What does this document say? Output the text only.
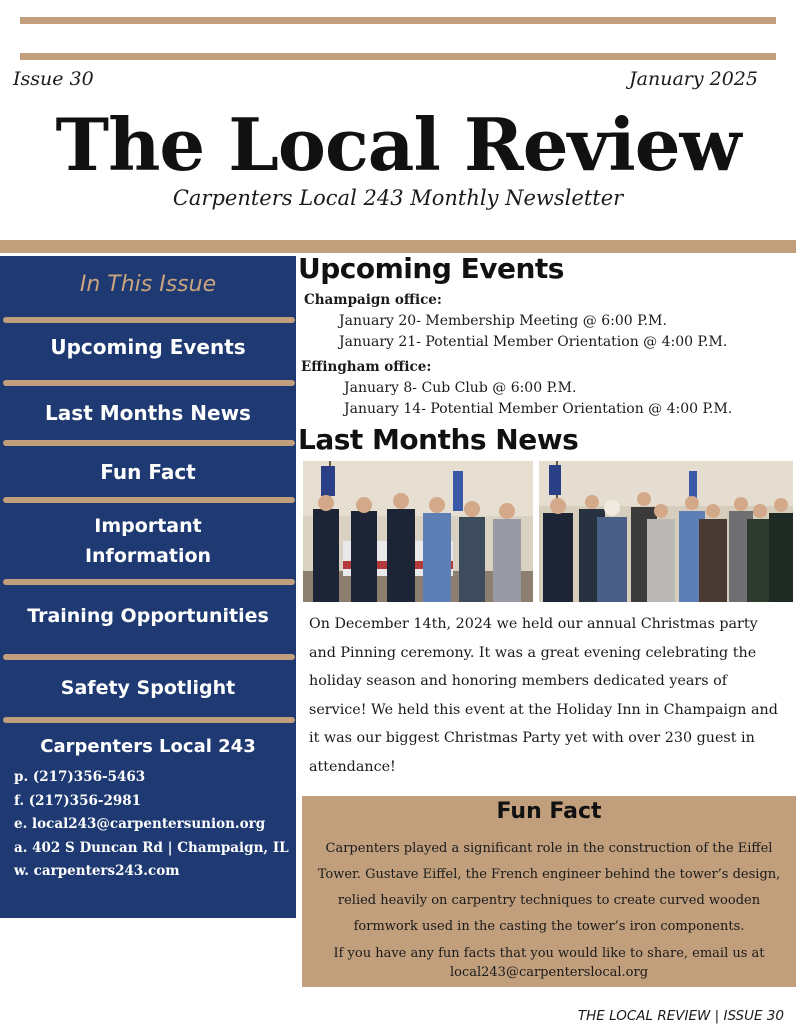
Issue 30	January 2025
The Local Review
Carpenters Local 243 Monthly Newsletter
In This Issue
Upcoming Events
Last Months News
Fun Fact
Important
Information
Training Opportunities
Safety Spotlight
Carpenters Local 243
p. (217)356-5463
f. (217)356-2981
e. local243@carpentersunion.org
a. 402 S Duncan Rd | Champaign, IL
w. carpenters243.com
Upcoming Events
Champaign office:
January 20- Membership Meeting @ 6:00 P.M.
January 21- Potential Member Orientation @ 4:00 P.M.
Effingham office:
January 8- Cub Club @ 6:00 P.M.
January 14- Potential Member Orientation @ 4:00 P.M.
Last Months News
On December 14th, 2024 we held our annual Christmas party and Pinning ceremony. It was a great evening celebrating the holiday season and honoring members dedicated years of service! We held this event at the Holiday Inn in Champaign and it was our biggest Christmas Party yet with over 230 guest in attendance!
Fun Fact
Carpenters played a significant role in the construction of the Eiffel Tower. Gustave Eiffel, the French engineer behind the tower’s design, relied heavily on carpentry techniques to create curved wooden formwork used in the casting the tower’s iron components.
If you have any fun facts that you would like to share, email us at
local243@carpenterslocal.org
THE LOCAL REVIEW | ISSUE 30
